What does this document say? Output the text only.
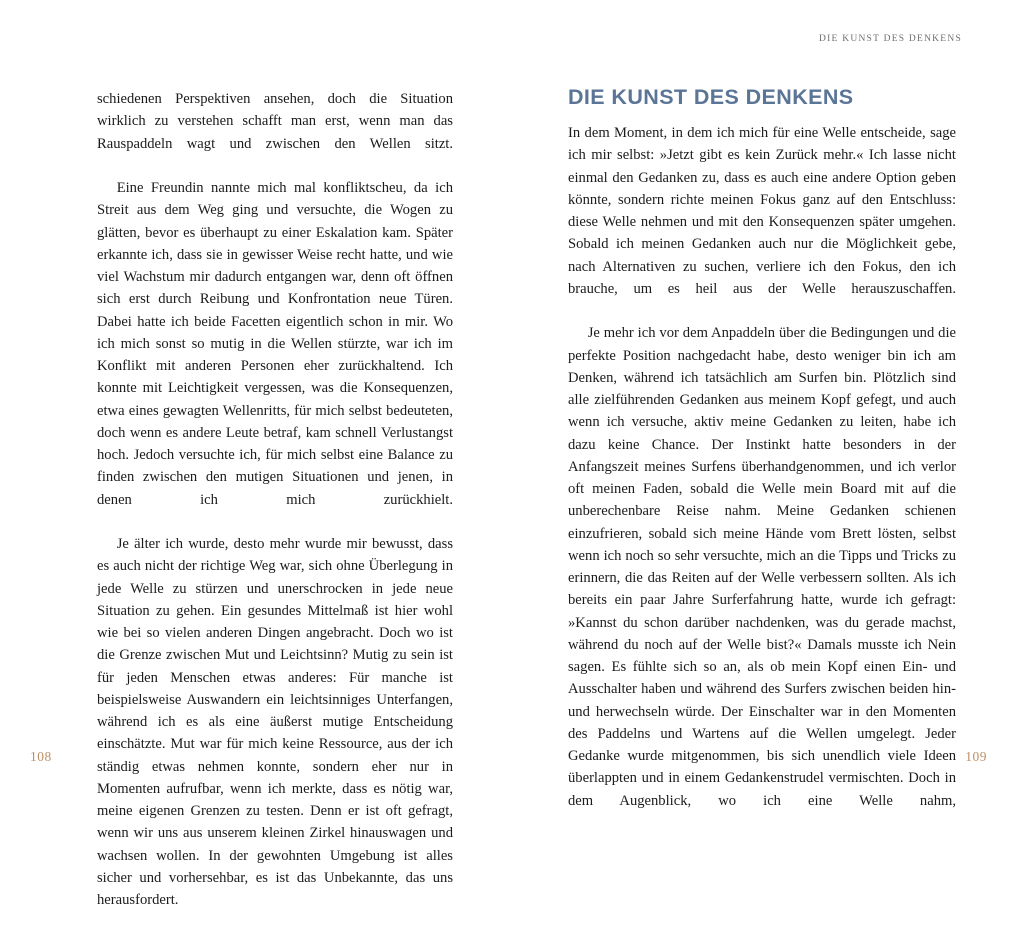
DIE KUNST DES DENKENS

schiedenen Perspektiven ansehen, doch die Situation wirklich zu verstehen schafft man erst, wenn man das Rauspaddeln wagt und zwischen den Wellen sitzt.

Eine Freundin nannte mich mal konfliktscheu, da ich Streit aus dem Weg ging und versuchte, die Wogen zu glätten, bevor es überhaupt zu einer Eskalation kam. Später erkannte ich, dass sie in gewisser Weise recht hatte, und wie viel Wachstum mir dadurch entgangen war, denn oft öffnen sich erst durch Reibung und Konfrontation neue Türen. Dabei hatte ich beide Facetten eigentlich schon in mir. Wo ich mich sonst so mutig in die Wellen stürzte, war ich im Konflikt mit anderen Personen eher zurückhaltend. Ich konnte mit Leichtigkeit vergessen, was die Konsequenzen, etwa eines gewagten Wellenritts, für mich selbst bedeuteten, doch wenn es andere Leute betraf, kam schnell Verlustangst hoch. Jedoch versuchte ich, für mich selbst eine Balance zu finden zwischen den mutigen Situationen und jenen, in denen ich mich zurückhielt.

Je älter ich wurde, desto mehr wurde mir bewusst, dass es auch nicht der richtige Weg war, sich ohne Überlegung in jede Welle zu stürzen und unerschrocken in jede neue Situation zu gehen. Ein gesundes Mittelmaß ist hier wohl wie bei so vielen anderen Dingen angebracht. Doch wo ist die Grenze zwischen Mut und Leichtsinn? Mutig zu sein ist für jeden Menschen etwas anderes: Für manche ist beispielsweise Auswandern ein leichtsinniges Unterfangen, während ich es als eine äußerst mutige Entscheidung einschätzte. Mut war für mich keine Ressource, aus der ich ständig etwas nehmen konnte, sondern eher nur in Momenten aufrufbar, wenn ich merkte, dass es nötig war, meine eigenen Grenzen zu testen. Denn er ist oft gefragt, wenn wir uns aus unserem kleinen Zirkel hinauswagen und wachsen wollen. In der gewohnten Umgebung ist alles sicher und vorhersehbar, es ist das Unbekannte, das uns herausfordert.

108
DIE KUNST DES DENKENS

In dem Moment, in dem ich mich für eine Welle entscheide, sage ich mir selbst: »Jetzt gibt es kein Zurück mehr.« Ich lasse nicht einmal den Gedanken zu, dass es auch eine andere Option geben könnte, sondern richte meinen Fokus ganz auf den Entschluss: diese Welle nehmen und mit den Konsequenzen später umgehen. Sobald ich meinen Gedanken auch nur die Möglichkeit gebe, nach Alternativen zu suchen, verliere ich den Fokus, den ich brauche, um es heil aus der Welle herauszuschaffen.

Je mehr ich vor dem Anpaddeln über die Bedingungen und die perfekte Position nachgedacht habe, desto weniger bin ich am Denken, während ich tatsächlich am Surfen bin. Plötzlich sind alle zielführenden Gedanken aus meinem Kopf gefegt, und auch wenn ich versuche, aktiv meine Gedanken zu leiten, habe ich dazu keine Chance. Der Instinkt hatte besonders in der Anfangszeit meines Surfens überhandgenommen, und ich verlor oft meinen Faden, sobald die Welle mein Board mit auf die unberechenbare Reise nahm. Meine Gedanken schienen einzufrieren, sobald sich meine Hände vom Brett lösten, selbst wenn ich noch so sehr versuchte, mich an die Tipps und Tricks zu erinnern, die das Reiten auf der Welle verbessern sollten. Als ich bereits ein paar Jahre Surferfahrung hatte, wurde ich gefragt: »Kannst du schon darüber nachdenken, was du gerade machst, während du noch auf der Welle bist?« Damals musste ich Nein sagen. Es fühlte sich so an, als ob mein Kopf einen Ein- und Ausschalter haben und während des Surfers zwischen beiden hin- und herwechseln würde. Der Einschalter war in den Momenten des Paddelns und Wartens auf die Wellen umgelegt. Jeder Gedanke wurde mitgenommen, bis sich unendlich viele Ideen überlappten und in einem Gedankenstrudel vermischten. Doch in dem Augenblick, wo ich eine Welle nahm,

109
